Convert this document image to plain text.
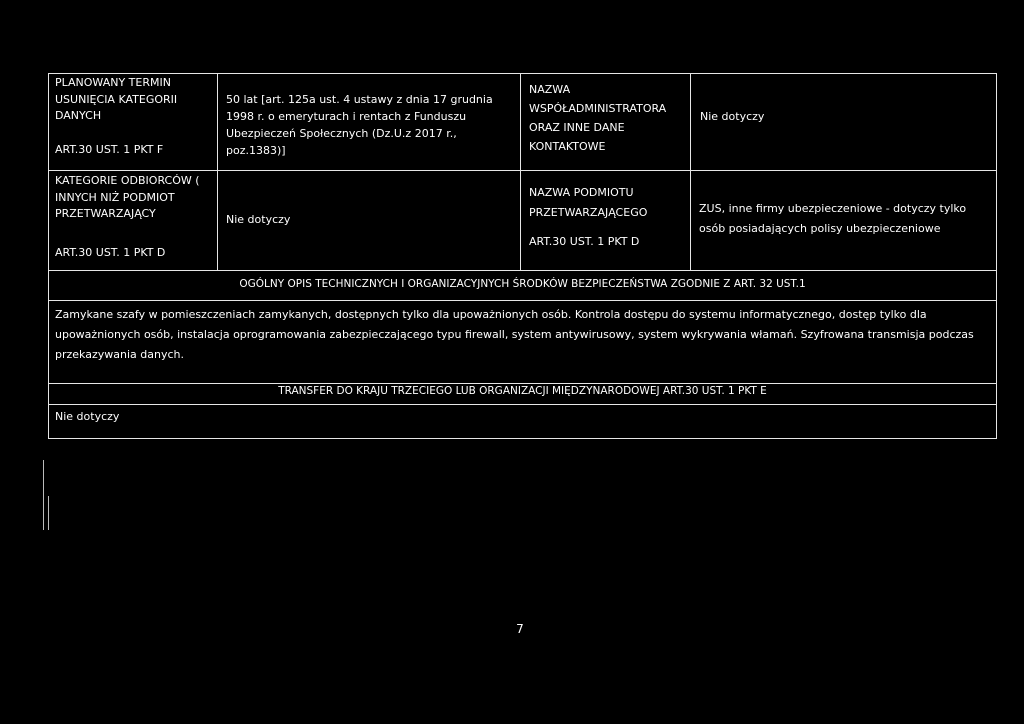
PLANOWANY TERMIN
USUNIĘCIA KATEGORII
DANYCH
ART.30 UST. 1 PKT F
50 lat [art. 125a ust. 4 ustawy z dnia 17 grudnia
1998 r. o emeryturach i rentach z Funduszu
Ubezpieczeń Społecznych (Dz.U.z 2017 r., poz.1383)]
NAZWA
WSPÓŁADMINISTRATORA
ORAZ INNE DANE
KONTAKTOWE
Nie dotyczy
KATEGORIE ODBIORCÓW (
INNYCH NIŻ PODMIOT
PRZETWARZAJĄCY
ART.30 UST. 1 PKT D
Nie dotyczy
NAZWA PODMIOTU
PRZETWARZAJĄCEGO
ART.30 UST. 1 PKT D
ZUS, inne firmy ubezpieczeniowe - dotyczy tylko
osób posiadających polisy ubezpieczeniowe
OGÓLNY OPIS TECHNICZNYCH I ORGANIZACYJNYCH ŚRODKÓW BEZPIECZEŃSTWA ZGODNIE Z ART. 32 UST.1
Zamykane szafy w pomieszczeniach zamykanych, dostępnych tylko dla upoważnionych osób. Kontrola dostępu do systemu informatycznego, dostęp tylko dla upoważnionych osób, instalacja oprogramowania zabezpieczającego typu firewall, system antywirusowy, system wykrywania włamań. Szyfrowana transmisja podczas przekazywania danych.
TRANSFER DO KRAJU TRZECIEGO LUB ORGANIZACJI MIĘDZYNARODOWEJ ART.30 UST. 1 PKT E
Nie dotyczy
7
